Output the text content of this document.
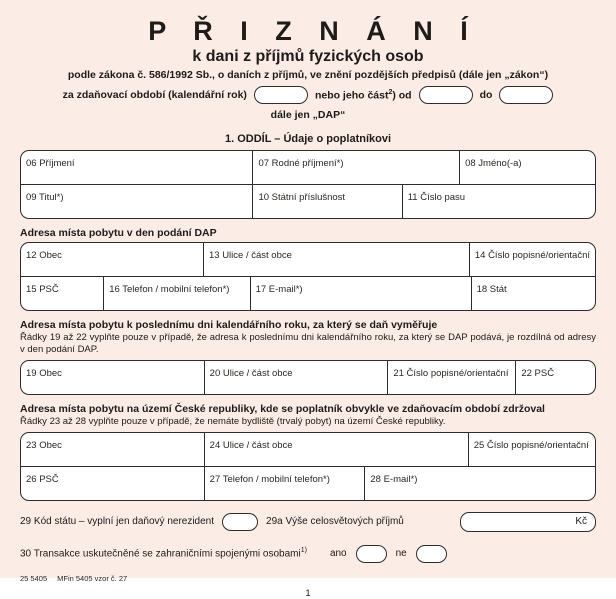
P Ř I Z N Á N Í
k dani z příjmů fyzických osob
podle zákona č. 586/1992 Sb., o daních z příjmů, ve znění pozdějších předpisů (dále jen „zákon“)
za zdaňovací období (kalendářní rok)	nebo jeho část$^2$) od	do
dále jen „DAP“
1. ODDÍL – Údaje o poplatníkovi
06 Příjmení	07 Rodné příjmení*)	08 Jméno(-a)
09 Titul*)	10 Státní příslušnost	11 Číslo pasu
Adresa místa pobytu v den podání DAP
12 Obec	13 Ulice / část obce	14 Číslo popisné/orientační
15 PSČ	16 Telefon / mobilní telefon*)	17 E-mail*)	18 Stát
Adresa místa pobytu k poslednímu dni kalendářního roku, za který se daň vyměřuje
Řádky 19 až 22 vyplňte pouze v případě, že adresa k poslednímu dni kalendářního roku, za který se DAP podává, je rozdílná od adresy v den podání DAP.
19 Obec	20 Ulice / část obce	21 Číslo popisné/orientační	22 PSČ
Adresa místa pobytu na území České republiky, kde se poplatník obvykle ve zdaňovacím období zdržoval
Řádky 23 až 28 vyplňte pouze v případě, že nemáte bydliště (trvalý pobyt) na území České republiky.
23 Obec	24 Ulice / část obce	25 Číslo popisné/orientační
26 PSČ	27 Telefon / mobilní telefon*)	28 E-mail*)
29 Kód státu – vyplní jen daňový nerezident	29a Výše celosvětových příjmů	Kč
30 Transakce uskutečněné se zahraničními spojenými osobami$^{1)}$ ano	ne
25 5405 MFin 5405 vzor č. 27
1
